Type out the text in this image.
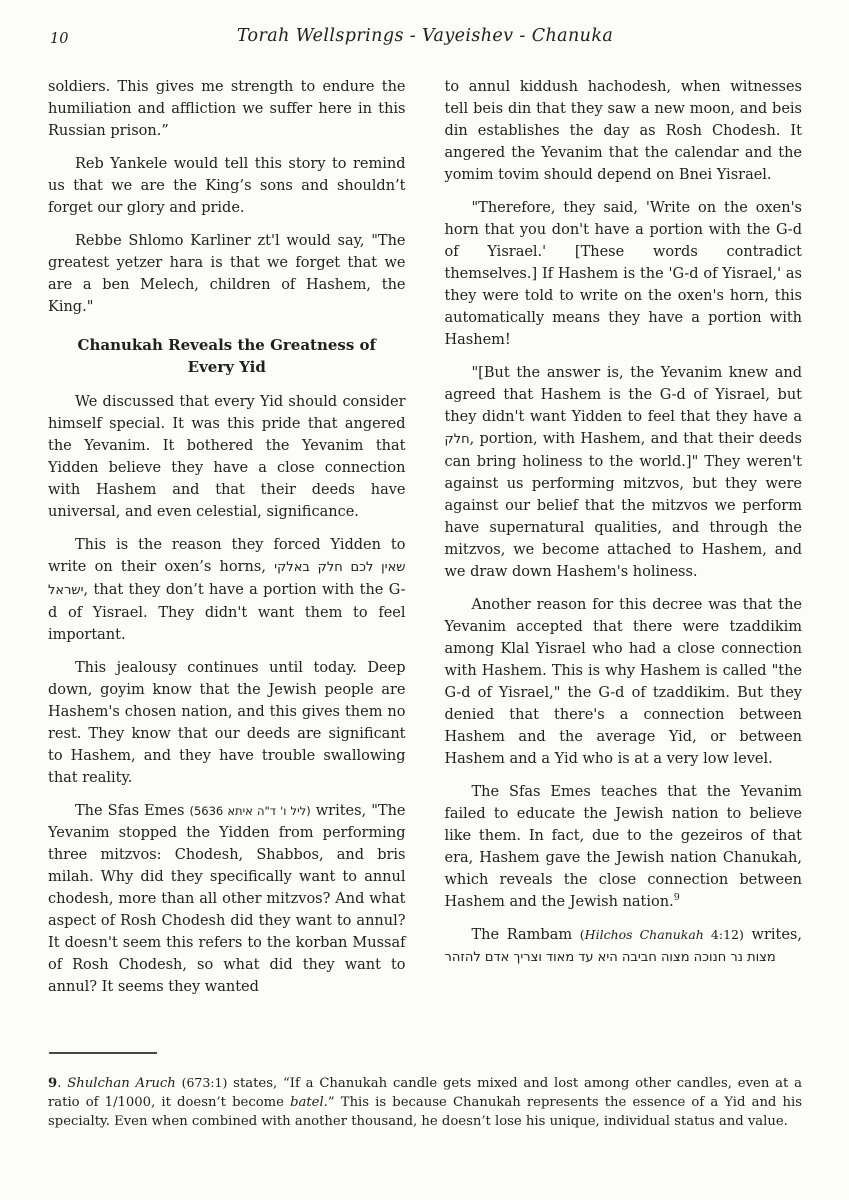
10	Torah Wellsprings - Vayeishev - Chanuka
soldiers. This gives me strength to endure the humiliation and affliction we suffer here in this Russian prison.”
Reb Yankele would tell this story to remind us that we are the King’s sons and shouldn’t forget our glory and pride.
Rebbe Shlomo Karliner zt'l would say, "The greatest yetzer hara is that we forget that we are a ben Melech, children of Hashem, the King."
Chanukah Reveals the Greatness of Every Yid
We discussed that every Yid should consider himself special. It was this pride that angered the Yevanim. It bothered the Yevanim that Yidden believe they have a close connection with Hashem and that their deeds have universal, and even celestial, significance.
This is the reason they forced Yidden to write on their oxen’s horns, שאין לכם חלק באלקי ישראל, that they don’t have a portion with the G-d of Yisrael. They didn't want them to feel important.
This jealousy continues until today. Deep down, goyim know that the Jewish people are Hashem's chosen nation, and this gives them no rest. They know that our deeds are significant to Hashem, and they have trouble swallowing that reality.
The Sfas Emes (ליל ו' ד"ה איתא 5636) writes, "The Yevanim stopped the Yidden from performing three mitzvos: Chodesh, Shabbos, and bris milah. Why did they specifically want to annul chodesh, more than all other mitzvos? And what aspect of Rosh Chodesh did they want to annul? It doesn't seem this refers to the korban Mussaf of Rosh Chodesh, so what did they want to annul? It seems they wanted
to annul kiddush hachodesh, when witnesses tell beis din that they saw a new moon, and beis din establishes the day as Rosh Chodesh. It angered the Yevanim that the calendar and the yomim tovim should depend on Bnei Yisrael.
"Therefore, they said, 'Write on the oxen's horn that you don't have a portion with the G-d of Yisrael.' [These words contradict themselves.] If Hashem is the 'G-d of Yisrael,' as they were told to write on the oxen's horn, this automatically means they have a portion with Hashem!
"[But the answer is, the Yevanim knew and agreed that Hashem is the G-d of Yisrael, but they didn't want Yidden to feel that they have a חלק, portion, with Hashem, and that their deeds can bring holiness to the world.]" They weren't against us performing mitzvos, but they were against our belief that the mitzvos we perform have supernatural qualities, and through the mitzvos, we become attached to Hashem, and we draw down Hashem's holiness.
Another reason for this decree was that the Yevanim accepted that there were tzaddikim among Klal Yisrael who had a close connection with Hashem. This is why Hashem is called "the G-d of Yisrael," the G-d of tzaddikim. But they denied that there's a connection between Hashem and the average Yid, or between Hashem and a Yid who is at a very low level.
The Sfas Emes teaches that the Yevanim failed to educate the Jewish nation to believe like them. In fact, due to the gezeiros of that era, Hashem gave the Jewish nation Chanukah, which reveals the close connection between Hashem and the Jewish nation.$^9$
The Rambam (Hilchos Chanukah 4:12) writes, מצות נר חנוכה מצוה חביבה היא עד מאוד וצריך אדם להזהר
9. Shulchan Aruch (673:1) states, “If a Chanukah candle gets mixed and lost among other candles, even at a ratio of 1/1000, it doesn’t become batel.” This is because Chanukah represents the essence of a Yid and his specialty. Even when combined with another thousand, he doesn’t lose his unique, individual status and value.
